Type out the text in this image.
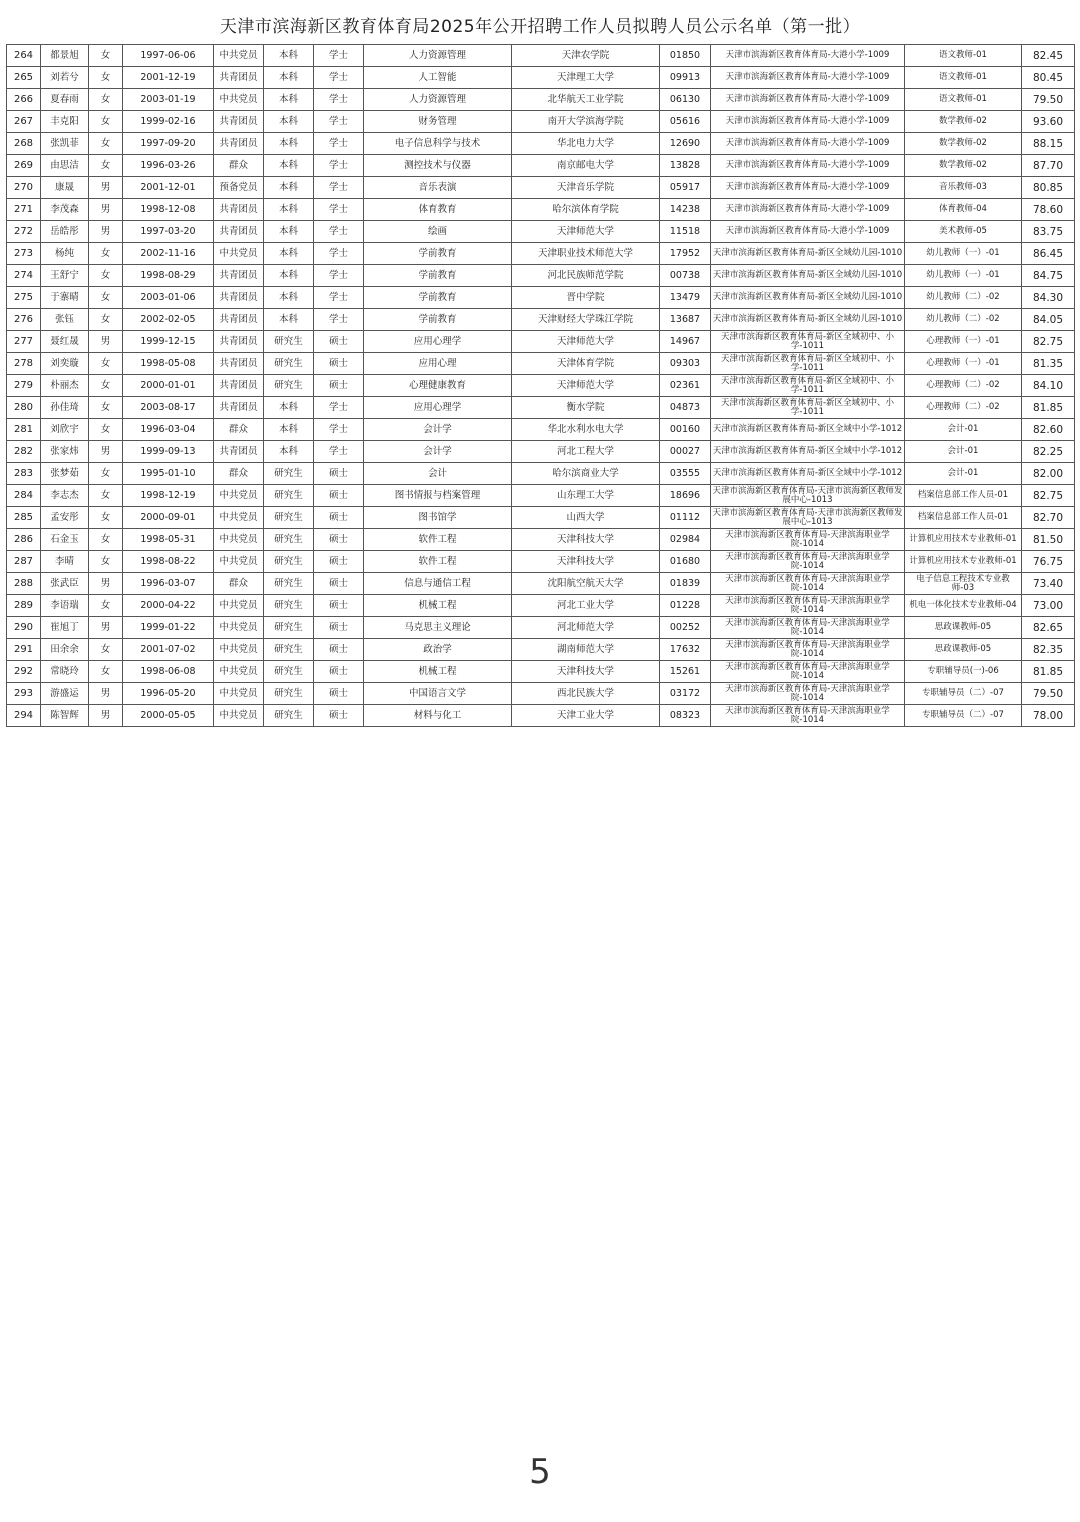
天津市滨海新区教育体育局2025年公开招聘工作人员拟聘人员公示名单（第一批）
264	都景旭	女	1997-06-06	中共党员	本科	学士	人力资源管理	天津农学院	01850	天津市滨海新区教育体育局-大港小学-1009	语文教师-01	82.45
265	刘若兮	女	2001-12-19	共青团员	本科	学士	人工智能	天津理工大学	09913	天津市滨海新区教育体育局-大港小学-1009	语文教师-01	80.45
266	夏春雨	女	2003-01-19	中共党员	本科	学士	人力资源管理	北华航天工业学院	06130	天津市滨海新区教育体育局-大港小学-1009	语文教师-01	79.50
267	丰克阳	女	1999-02-16	共青团员	本科	学士	财务管理	南开大学滨海学院	05616	天津市滨海新区教育体育局-大港小学-1009	数学教师-02	93.60
268	张凯菲	女	1997-09-20	共青团员	本科	学士	电子信息科学与技术	华北电力大学	12690	天津市滨海新区教育体育局-大港小学-1009	数学教师-02	88.15
269	由思洁	女	1996-03-26	群众	本科	学士	测控技术与仪器	南京邮电大学	13828	天津市滨海新区教育体育局-大港小学-1009	数学教师-02	87.70
270	康晟	男	2001-12-01	预备党员	本科	学士	音乐表演	天津音乐学院	05917	天津市滨海新区教育体育局-大港小学-1009	音乐教师-03	80.85
271	李茂森	男	1998-12-08	共青团员	本科	学士	体育教育	哈尔滨体育学院	14238	天津市滨海新区教育体育局-大港小学-1009	体育教师-04	78.60
272	岳皓彤	男	1997-03-20	共青团员	本科	学士	绘画	天津师范大学	11518	天津市滨海新区教育体育局-大港小学-1009	美术教师-05	83.75
273	杨纯	女	2002-11-16	中共党员	本科	学士	学前教育	天津职业技术师范大学	17952	天津市滨海新区教育体育局-新区全域幼儿园-1010	幼儿教师（一）-01	86.45
274	王舒宁	女	1998-08-29	共青团员	本科	学士	学前教育	河北民族师范学院	00738	天津市滨海新区教育体育局-新区全域幼儿园-1010	幼儿教师（一）-01	84.75
275	于寨晴	女	2003-01-06	共青团员	本科	学士	学前教育	晋中学院	13479	天津市滨海新区教育体育局-新区全域幼儿园-1010	幼儿教师（二）-02	84.30
276	张钰	女	2002-02-05	共青团员	本科	学士	学前教育	天津财经大学珠江学院	13687	天津市滨海新区教育体育局-新区全域幼儿园-1010	幼儿教师（二）-02	84.05
277	聂红晟	男	1999-12-15	共青团员	研究生	硕士	应用心理学	天津师范大学	14967	天津市滨海新区教育体育局-新区全域初中、小学-1011	心理教师（一）-01	82.75
278	刘奕璇	女	1998-05-08	共青团员	研究生	硕士	应用心理	天津体育学院	09303	天津市滨海新区教育体育局-新区全域初中、小学-1011	心理教师（一）-01	81.35
279	朴丽杰	女	2000-01-01	共青团员	研究生	硕士	心理健康教育	天津师范大学	02361	天津市滨海新区教育体育局-新区全域初中、小学-1011	心理教师（二）-02	84.10
280	孙佳琦	女	2003-08-17	共青团员	本科	学士	应用心理学	衡水学院	04873	天津市滨海新区教育体育局-新区全域初中、小学-1011	心理教师（二）-02	81.85
281	刘欣宇	女	1996-03-04	群众	本科	学士	会计学	华北水利水电大学	00160	天津市滨海新区教育体育局-新区全域中小学-1012	会计-01	82.60
282	张家炜	男	1999-09-13	共青团员	本科	学士	会计学	河北工程大学	00027	天津市滨海新区教育体育局-新区全域中小学-1012	会计-01	82.25
283	张梦茹	女	1995-01-10	群众	研究生	硕士	会计	哈尔滨商业大学	03555	天津市滨海新区教育体育局-新区全域中小学-1012	会计-01	82.00
284	李志杰	女	1998-12-19	中共党员	研究生	硕士	图书情报与档案管理	山东理工大学	18696	天津市滨海新区教育体育局-天津市滨海新区教师发展中心-1013	档案信息部工作人员-01	82.75
285	孟安彤	女	2000-09-01	中共党员	研究生	硕士	图书馆学	山西大学	01112	天津市滨海新区教育体育局-天津市滨海新区教师发展中心-1013	档案信息部工作人员-01	82.70
286	石金玉	女	1998-05-31	中共党员	研究生	硕士	软件工程	天津科技大学	02984	天津市滨海新区教育体育局-天津滨海职业学院-1014	计算机应用技术专业教师-01	81.50
287	李晴	女	1998-08-22	中共党员	研究生	硕士	软件工程	天津科技大学	01680	天津市滨海新区教育体育局-天津滨海职业学院-1014	计算机应用技术专业教师-01	76.75
288	张武臣	男	1996-03-07	群众	研究生	硕士	信息与通信工程	沈阳航空航天大学	01839	天津市滨海新区教育体育局-天津滨海职业学院-1014	电子信息工程技术专业教师-03	73.40
289	李语瑞	女	2000-04-22	中共党员	研究生	硕士	机械工程	河北工业大学	01228	天津市滨海新区教育体育局-天津滨海职业学院-1014	机电一体化技术专业教师-04	73.00
290	崔旭丁	男	1999-01-22	中共党员	研究生	硕士	马克思主义理论	河北师范大学	00252	天津市滨海新区教育体育局-天津滨海职业学院-1014	思政课教师-05	82.65
291	田余余	女	2001-07-02	中共党员	研究生	硕士	政治学	湖南师范大学	17632	天津市滨海新区教育体育局-天津滨海职业学院-1014	思政课教师-05	82.35
292	常晓玲	女	1998-06-08	中共党员	研究生	硕士	机械工程	天津科技大学	15261	天津市滨海新区教育体育局-天津滨海职业学院-1014	专职辅导员(一)-06	81.85
293	游盛运	男	1996-05-20	中共党员	研究生	硕士	中国语言文学	西北民族大学	03172	天津市滨海新区教育体育局-天津滨海职业学院-1014	专职辅导员（二）-07	79.50
294	陈智辉	男	2000-05-05	中共党员	研究生	硕士	材料与化工	天津工业大学	08323	天津市滨海新区教育体育局-天津滨海职业学院-1014	专职辅导员（二）-07	78.00
5
